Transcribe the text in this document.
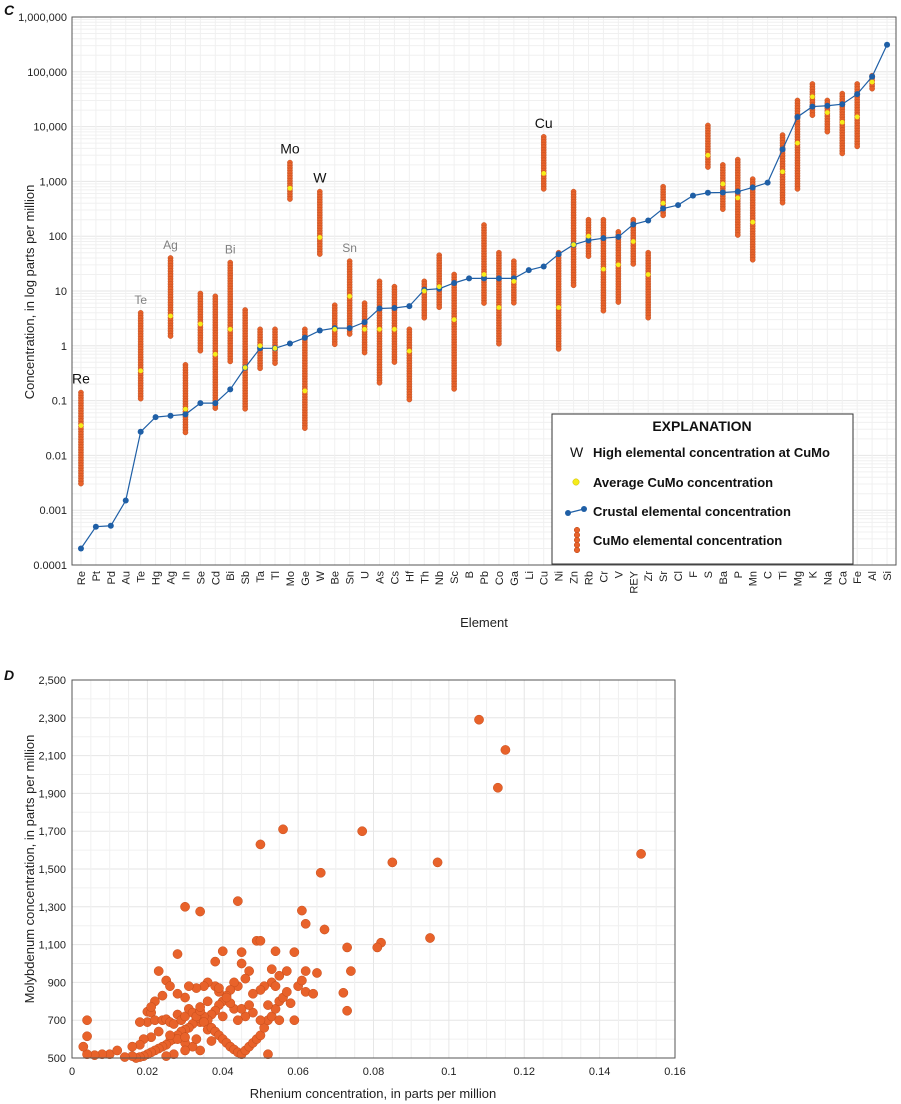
C
0.0001
0.001
0.01
0.1
1
10
100
1,000
10,000
100,000
1,000,000
Re Pt Pd Au Te Hg Ag In Se Cd Bi Sb Ta Tl Mo Ge W Be Sn U As Cs Hf Th Nb Sc B Pb Co Ga Li Cu Ni Zn Rb Cr V REY Zr Sr Cl F S Ba P Mn C Ti Mg K Na Ca Fe Al Si
Re
Te
Ag	Bi
Mo
W
Sn
Cu
Concentration, in log parts per million
Element
EXPLANATION
W High elemental concentration at CuMo
Average CuMo concentration
Crustal elemental concentration
CuMo elemental concentration
D
500
700
900
1,100
1,300
1,500
1,700
1,900
2,100
2,300
2,500
0	0.02	0.04	0.06	0.08	0.1	0.12	0.14	0.16
Molybdenum concentration, in parts per million
Rhenium concentration, in parts per million
